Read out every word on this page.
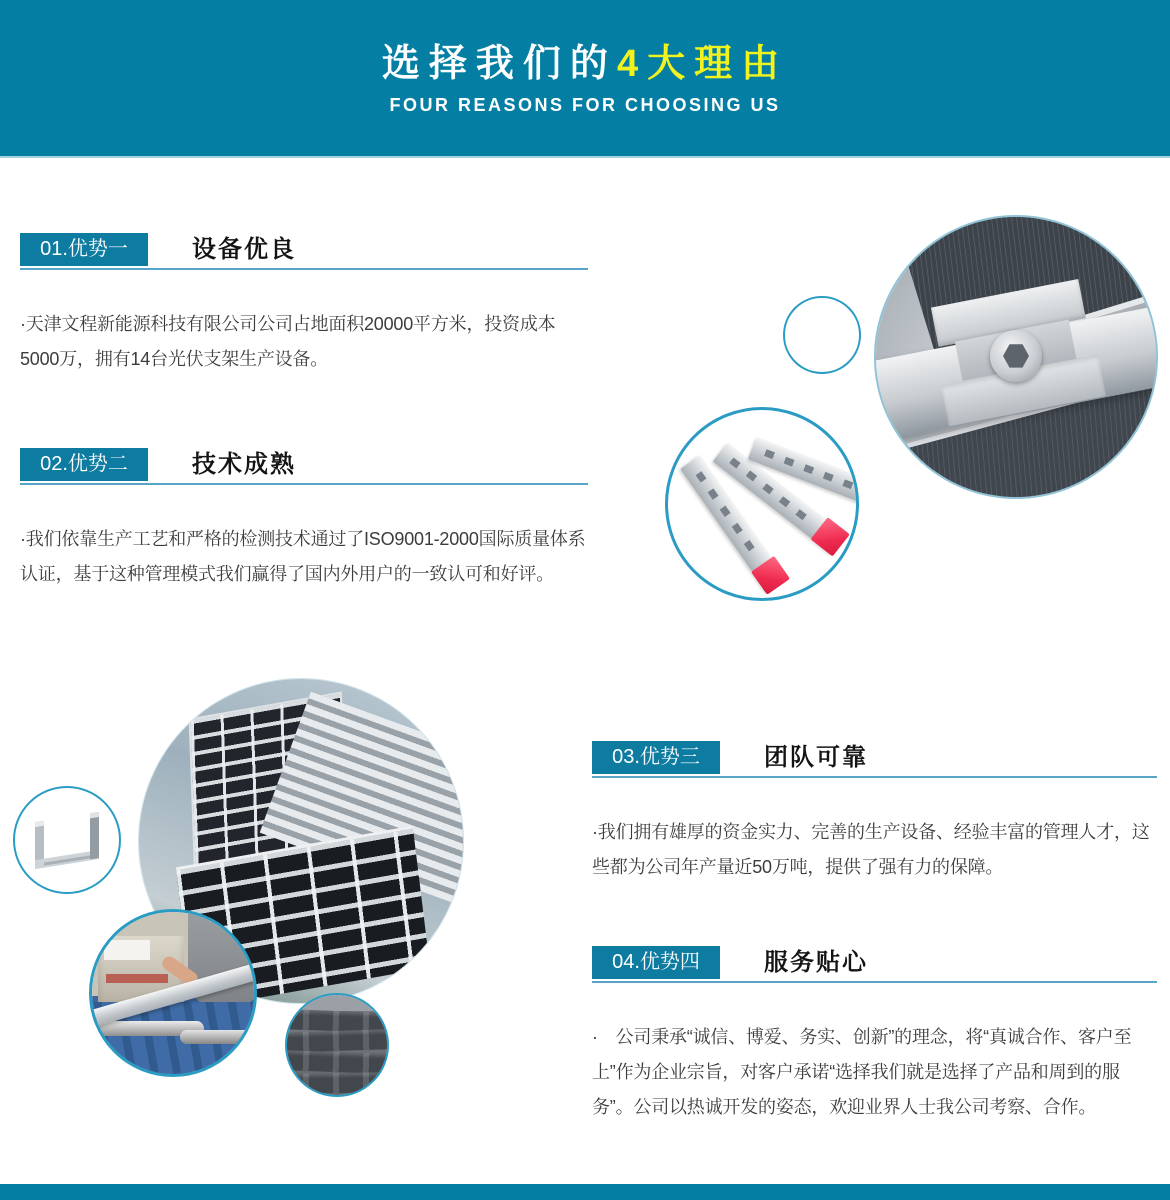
选择我们的4大理由
FOUR REASONS FOR CHOOSING US
01.优势一	设备优良
·天津文程新能源科技有限公司公司占地面积20000平方米，投资成本5000万，拥有14台光伏支架生产设备。
02.优势二	技术成熟
·我们依靠生产工艺和严格的检测技术通过了ISO9001-2000国际质量体系认证，基于这种管理模式我们赢得了国内外用户的一致认可和好评。
03.优势三	团队可靠
·我们拥有雄厚的资金实力、完善的生产设备、经验丰富的管理人才，这些都为公司年产量近50万吨，提供了强有力的保障。
04.优势四	服务贴心
·　公司秉承“诚信、博爱、务实、创新”的理念，将“真诚合作、客户至上”作为企业宗旨，对客户承诺“选择我们就是选择了产品和周到的服务”。公司以热诚开发的姿态，欢迎业界人士我公司考察、合作。
